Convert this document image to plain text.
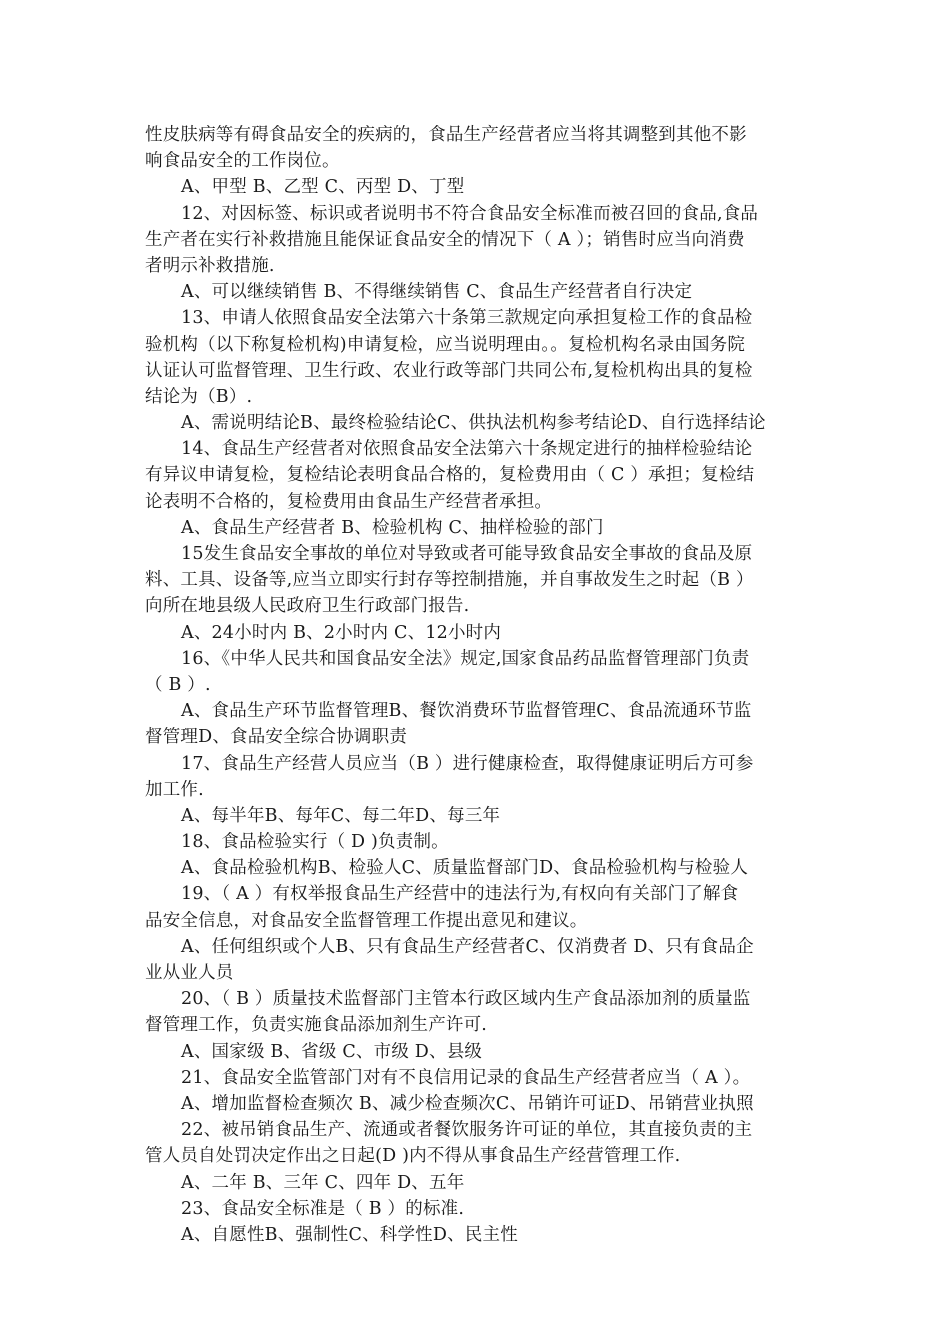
性皮肤病等有碍食品安全的疾病的，食品生产经营者应当将其调整到其他不影
响食品安全的工作岗位。
A、甲型 B、乙型 C、丙型 D、丁型
12、对因标签、标识或者说明书不符合食品安全标准而被召回的食品,食品
生产者在实行补救措施且能保证食品安全的情况下（ A ）；销售时应当向消费
者明示补救措施.
A、可以继续销售 B、不得继续销售 C、食品生产经营者自行决定
13、申请人依照食品安全法第六十条第三款规定向承担复检工作的食品检
验机构（以下称复检机构)申请复检，应当说明理由。。复检机构名录由国务院
认证认可监督管理、卫生行政、农业行政等部门共同公布,复检机构出具的复检
结论为（B）.
A、需说明结论B、最终检验结论C、供执法机构参考结论D、自行选择结论
14、食品生产经营者对依照食品安全法第六十条规定进行的抽样检验结论
有异议申请复检，复检结论表明食品合格的，复检费用由（ C ）承担；复检结
论表明不合格的，复检费用由食品生产经营者承担。
A、食品生产经营者 B、检验机构 C、抽样检验的部门
15发生食品安全事故的单位对导致或者可能导致食品安全事故的食品及原
料、工具、设备等,应当立即实行封存等控制措施，并自事故发生之时起（B ）
向所在地县级人民政府卫生行政部门报告.
A、24小时内 B、2小时内 C、12小时内
16、《中华人民共和国食品安全法》规定,国家食品药品监督管理部门负责
（ B ）.
A、食品生产环节监督管理B、餐饮消费环节监督管理C、食品流通环节监
督管理D、食品安全综合协调职责
17、食品生产经营人员应当（B ）进行健康检查，取得健康证明后方可参
加工作.
A、每半年B、每年C、每二年D、每三年
18、食品检验实行（ D )负责制。
A、食品检验机构B、检验人C、质量监督部门D、食品检验机构与检验人
19、（ A ）有权举报食品生产经营中的违法行为,有权向有关部门了解食
品安全信息，对食品安全监督管理工作提出意见和建议。
A、任何组织或个人B、只有食品生产经营者C、仅消费者 D、只有食品企
业从业人员
20、（ B ）质量技术监督部门主管本行政区域内生产食品添加剂的质量监
督管理工作，负责实施食品添加剂生产许可.
A、国家级 B、省级 C、市级 D、县级
21、食品安全监管部门对有不良信用记录的食品生产经营者应当（ A ）。
A、增加监督检查频次 B、减少检查频次C、吊销许可证D、吊销营业执照
22、被吊销食品生产、流通或者餐饮服务许可证的单位，其直接负责的主
管人员自处罚决定作出之日起(D )内不得从事食品生产经营管理工作.
A、二年 B、三年 C、四年 D、五年
23、食品安全标准是（ B ）的标准.
A、自愿性B、强制性C、科学性D、民主性
